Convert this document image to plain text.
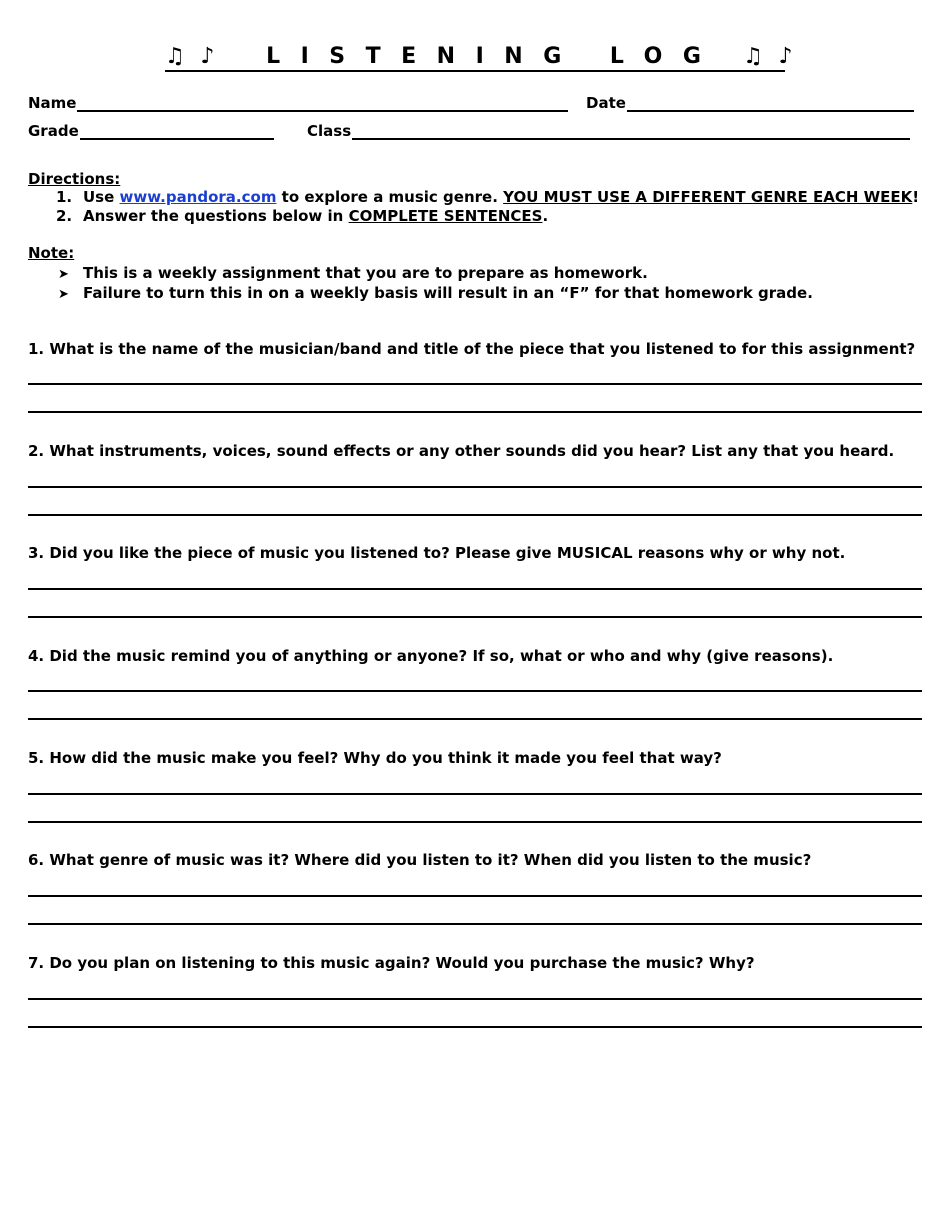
♫ ♪ LISTENING LOG ♫ ♪
Name	Date
Grade	Class
Directions:
1. Use www.pandora.com to explore a music genre. YOU MUST USE A DIFFERENT GENRE EACH WEEK!
2. Answer the questions below in COMPLETE SENTENCES.
Note:
➤ This is a weekly assignment that you are to prepare as homework.
➤ Failure to turn this in on a weekly basis will result in an “F” for that homework grade.
1. What is the name of the musician/band and title of the piece that you listened to for this assignment?
2. What instruments, voices, sound effects or any other sounds did you hear? List any that you heard.
3. Did you like the piece of music you listened to? Please give MUSICAL reasons why or why not.
4. Did the music remind you of anything or anyone? If so, what or who and why (give reasons).
5. How did the music make you feel? Why do you think it made you feel that way?
6. What genre of music was it? Where did you listen to it? When did you listen to the music?
7. Do you plan on listening to this music again? Would you purchase the music? Why?
